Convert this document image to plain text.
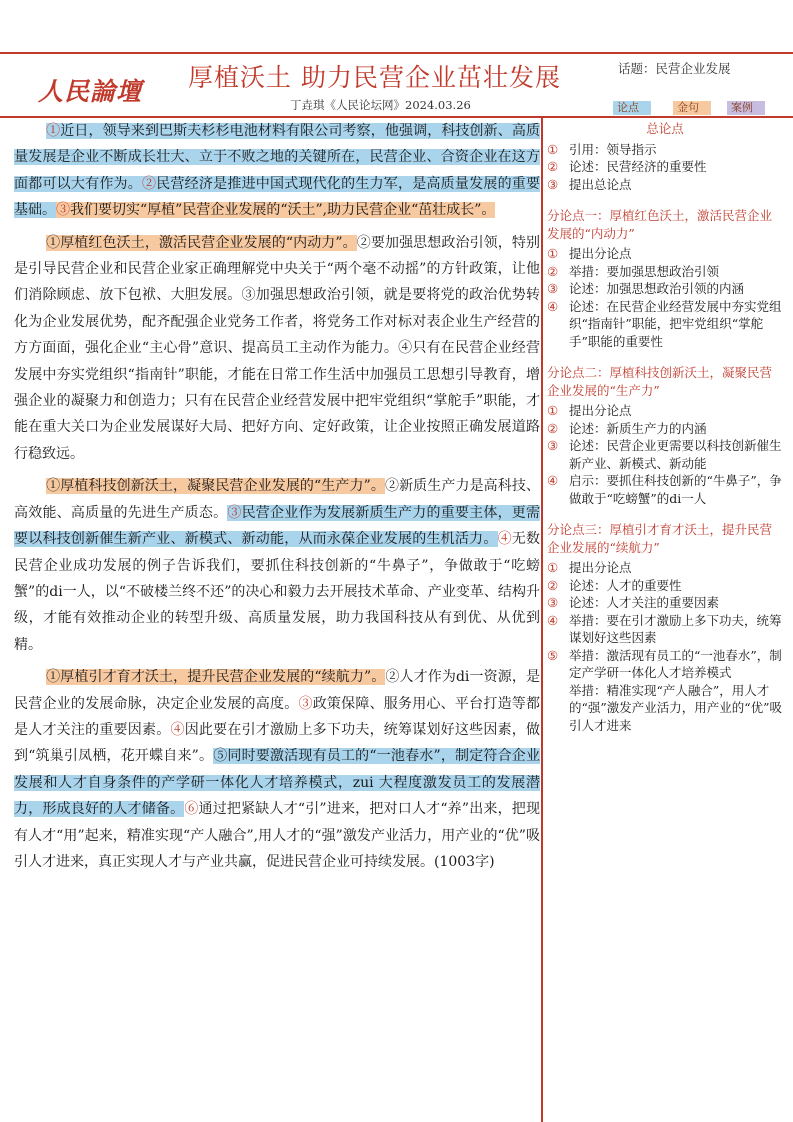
人民論壇 厚植沃土 助力民营企业茁壮发展	话题：民营企业发展
丁垚琪《人民论坛网》2024.03.26	论点	金句	案例

①近日，领导来到巴斯夫杉杉电池材料有限公司考察，他强调，科技创新、高质量发展是企业不断成长壮大、立于不败之地的关键所在，民营企业、合资企业在这方面都可以大有作为。②民营经济是推进中国式现代化的生力军，是高质量发展的重要基础。③我们要切实“厚植”民营企业发展的“沃土”,助力民营企业“茁壮成长”。

①厚植红色沃土，激活民营企业发展的“内动力”。②要加强思想政治引领，特别是引导民营企业和民营企业家正确理解党中央关于“两个毫不动摇”的方针政策，让他们消除顾虑、放下包袱、大胆发展。③加强思想政治引领，就是要将党的政治优势转化为企业发展优势，配齐配强企业党务工作者，将党务工作对标对表企业生产经营的方方面面，强化企业“主心骨”意识、提高员工主动作为能力。④只有在民营企业经营发展中夯实党组织“指南针”职能，才能在日常工作生活中加强员工思想引导教育，增强企业的凝聚力和创造力；只有在民营企业经营发展中把牢党组织“掌舵手”职能，才能在重大关口为企业发展谋好大局、把好方向、定好政策，让企业按照正确发展道路行稳致远。

①厚植科技创新沃土，凝聚民营企业发展的“生产力”。②新质生产力是高科技、高效能、高质量的先进生产质态。③民营企业作为发展新质生产力的重要主体，更需要以科技创新催生新产业、新模式、新动能，从而永葆企业发展的生机活力。④无数民营企业成功发展的例子告诉我们，要抓住科技创新的“牛鼻子”，争做敢于“吃螃蟹”的di一人，以“不破楼兰终不还”的决心和毅力去开展技术革命、产业变革、结构升级，才能有效推动企业的转型升级、高质量发展，助力我国科技从有到优、从优到精。

①厚植引才育才沃土，提升民营企业发展的“续航力”。②人才作为di一资源，是民营企业的发展命脉，决定企业发展的高度。③政策保障、服务用心、平台打造等都是人才关注的重要因素。④因此要在引才激励上多下功夫，统筹谋划好这些因素，做到“筑巢引凤栖，花开蝶自来”。⑤同时要激活现有员工的“一池春水”，制定符合企业发展和人才自身条件的产学研一体化人才培养模式，zui 大程度激发员工的发展潜力，形成良好的人才储备。⑥通过把紧缺人才“引”进来，把对口人才“养”出来，把现有人才“用”起来，精准实现“产人融合”,用人才的“强”激发产业活力，用产业的“优”吸引人才进来，真正实现人才与产业共赢，促进民营企业可持续发展。(1003字)

总论点

① 引用：领导指示
② 论述：民营经济的重要性
③ 提出总论点

分论点一：厚植红色沃土，激活民营企业发展的“内动力”

① 提出分论点
② 举措：要加强思想政治引领
③ 论述：加强思想政治引领的内涵
④ 论述：在民营企业经营发展中夯实党组织“指南针”职能，把牢党组织“掌舵手”职能的重要性

分论点二：厚植科技创新沃土，凝聚民营企业发展的“生产力”

① 提出分论点
② 论述：新质生产力的内涵
③ 论述：民营企业更需要以科技创新催生新产业、新模式、新动能
④ 启示：要抓住科技创新的“牛鼻子”，争做敢于“吃螃蟹”的di一人

分论点三：厚植引才育才沃土，提升民营企业发展的“续航力”

① 提出分论点
② 论述：人才的重要性
③ 论述：人才关注的重要因素
④ 举措：要在引才激励上多下功夫，统筹谋划好这些因素
⑤ 举措：激活现有员工的“一池春水”，制定产学研一体化人才培养模式
举措：精准实现“产人融合”，用人才的“强”激发产业活力，用产业的“优”吸引人才进来
